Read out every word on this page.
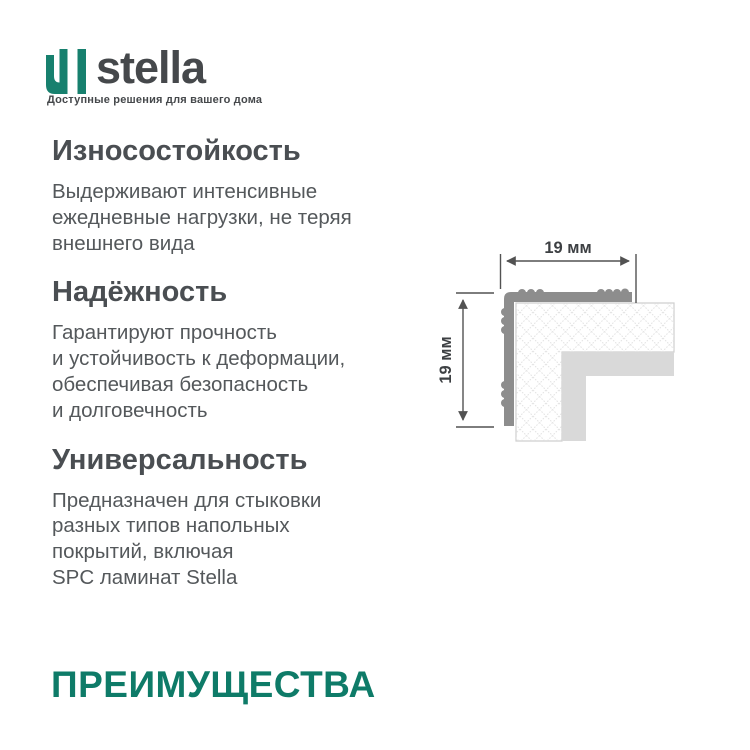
stella
Доступные решения для вашего дома
Износостойкость
Выдерживают интенсивные
ежедневные нагрузки, не теряя
внешнего вида
Надёжность
Гарантируют прочность
и устойчивость к деформации,
обеспечивая безопасность
и долговечность
Универсальность
Предназначен для стыковки
разных типов напольных
покрытий, включая
SPC ламинат Stella
19 мм
19 мм
ПРЕИМУЩЕСТВА
